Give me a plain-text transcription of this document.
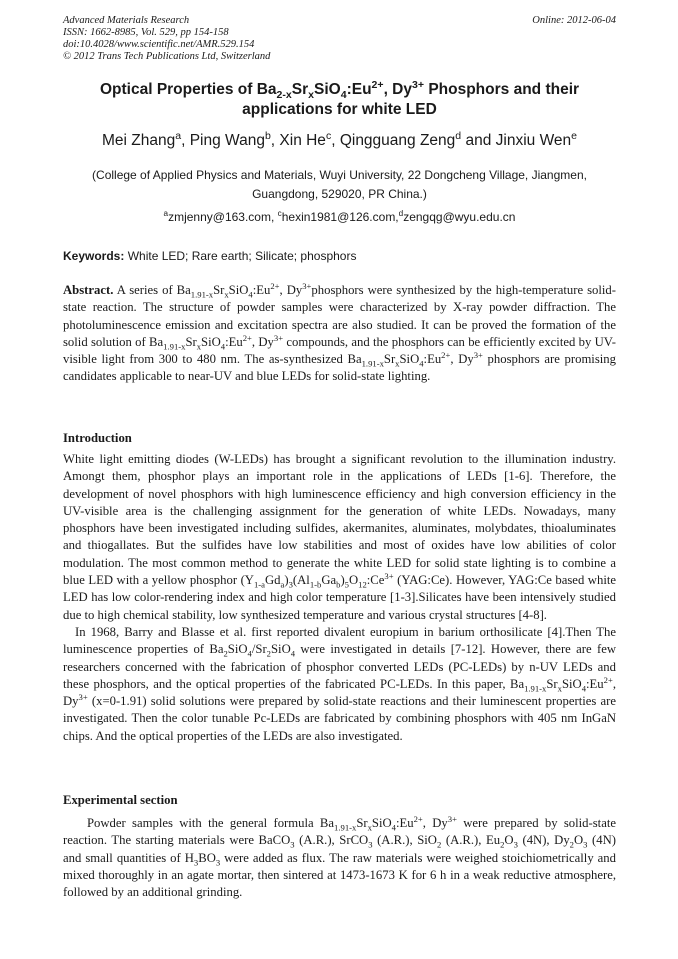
Advanced Materials Research
ISSN: 1662-8985, Vol. 529, pp 154-158
doi:10.4028/www.scientific.net/AMR.529.154
© 2012 Trans Tech Publications Ltd, Switzerland
Online: 2012-06-04
Optical Properties of $Ba_{2-x}Sr_xSiO_4:Eu^{2+}$, $Dy^{3+}$ Phosphors and their applications for white LED
Mei Zhang$^a$, Ping Wang$^b$, Xin He$^c$, Qingguang Zeng$^d$ and Jinxiu Wen$^e$
(College of Applied Physics and Materials, Wuyi University, 22 Dongcheng Village, Jiangmen, Guangdong, 529020, PR China.)
$^a$zmjenny@163.com, $^c$hexin1981@126.com,$^d$zengqg@wyu.edu.cn
Keywords: White LED; Rare earth; Silicate; phosphors

Abstract. A series of $Ba_{1.91-x}Sr_xSiO_4:Eu^{2+}$, $Dy^{3+}phosphors$ were synthesized by the high-temperature solid-state reaction. The structure of powder samples were characterized by X-ray powder diffraction. The photoluminescence emission and excitation spectra are also studied. It can be proved the formation of the solid solution of $Ba_{1.91-x}Sr_xSiO_4:Eu^{2+}$, $Dy^{3+}$ compounds, and the phosphors can be efficiently excited by UV-visible light from 300 to 480 nm. The as-synthesized $Ba_{1.91-x}Sr_xSiO_4:Eu^{2+}$, $Dy^{3+}$ phosphors are promising candidates applicable to near-UV and blue LEDs for solid-state lighting.

Introduction

White light emitting diodes (W-LEDs) has brought a significant revolution to the illumination industry. Amongt them, phosphor plays an important role in the applications of LEDs [1-6]. Therefore, the development of novel phosphors with high luminescence efficiency and high conversion efficiency in the UV-visible area is the challenging assignment for the generation of white LEDs. Nowadays, many phosphors have been investigated including sulfides, akermanites, aluminates, molybdates, thioaluminates and thiogallates. But the sulfides have low stabilities and most of oxides have low abilities of color modulation. The most common method to generate the white LED for solid state lighting is to combine a blue LED with a yellow phosphor $(Y_{1-a}Gd_a)_3(Al_{1-b}Ga_b)_5O_{12}:Ce^{3+}$ (YAG:Ce). However, YAG:Ce based white LED has low color-rendering index and high color temperature [1-3].Silicates have been intensively studied due to high chemical stability, low synthesized temperature and various crystal structures [4-8].

In 1968, Barry and Blasse et al. first reported divalent europium in barium orthosilicate [4].Then The luminescence properties of $Ba_2SiO_4/Sr_2SiO_4$ were investigated in details [7-12]. However, there are few researchers concerned with the fabrication of phosphor converted LEDs (PC-LEDs) by n-UV LEDs and these phosphors, and the optical properties of the fabricated PC-LEDs. In this paper, $Ba_{1.91-x}Sr_xSiO_4:Eu^{2+}$, $Dy^{3+}$ (x=0-1.91) solid solutions were prepared by solid-state reactions and their luminescent properties are investigated. Then the color tunable Pc-LEDs are fabricated by combining phosphors with 405 nm InGaN chips. And the optical properties of the LEDs are also investigated.

Experimental section

Powder samples with the general formula $Ba_{1.91-x}Sr_xSiO_4:Eu^{2+}$, $Dy^{3+}$ were prepared by solid-state reaction. The starting materials were BaCO$_3$ (A.R.), SrCO$_3$ (A.R.), SiO$_2$ (A.R.), $Eu_2O_3$ (4N), $Dy_2O_3$ (4N) and small quantities of $H_3BO_3$ were added as flux. The raw materials were weighed stoichiometrically and mixed thoroughly in an agate mortar, then sintered at 1473-1673 K for 6 h in a weak reductive atmosphere, followed by an additional grinding.
